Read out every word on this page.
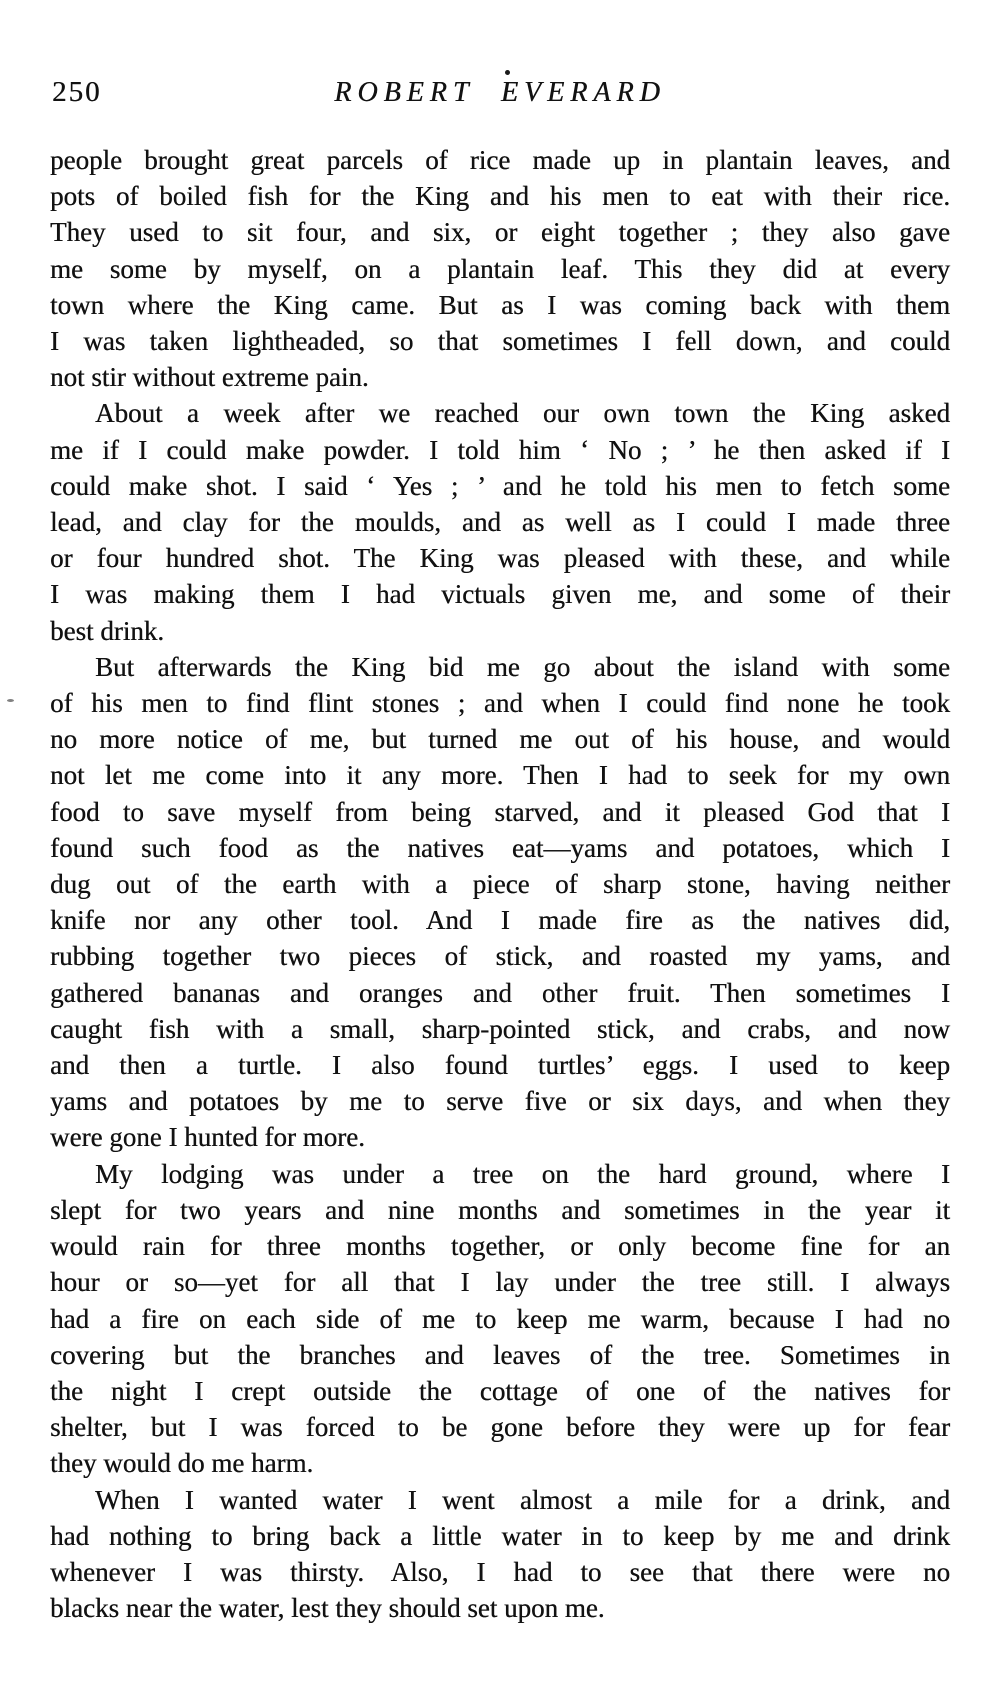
250	ROBERT EVERARD
people brought great parcels of rice made up in plantain leaves, and
pots of boiled fish for the King and his men to eat with their rice.
They used to sit four, and six, or eight together ; they also gave
me some by myself, on a plantain leaf. This they did at every
town where the King came. But as I was coming back with them
I was taken lightheaded, so that sometimes I fell down, and could
not stir without extreme pain.
About a week after we reached our own town the King asked
me if I could make powder. I told him ‘ No ; ’ he then asked if I
could make shot. I said ‘ Yes ; ’ and he told his men to fetch some
lead, and clay for the moulds, and as well as I could I made three
or four hundred shot. The King was pleased with these, and while
I was making them I had victuals given me, and some of their
best drink.
But afterwards the King bid me go about the island with some
of his men to find flint stones ; and when I could find none he took
no more notice of me, but turned me out of his house, and would
not let me come into it any more. Then I had to seek for my own
food to save myself from being starved, and it pleased God that I
found such food as the natives eat—yams and potatoes, which I
dug out of the earth with a piece of sharp stone, having neither
knife nor any other tool. And I made fire as the natives did,
rubbing together two pieces of stick, and roasted my yams, and
gathered bananas and oranges and other fruit. Then sometimes I
caught fish with a small, sharp-pointed stick, and crabs, and now
and then a turtle. I also found turtles’ eggs. I used to keep
yams and potatoes by me to serve five or six days, and when they
were gone I hunted for more.
My lodging was under a tree on the hard ground, where I
slept for two years and nine months and sometimes in the year it
would rain for three months together, or only become fine for an
hour or so—yet for all that I lay under the tree still. I always
had a fire on each side of me to keep me warm, because I had no
covering but the branches and leaves of the tree. Sometimes in
the night I crept outside the cottage of one of the natives for
shelter, but I was forced to be gone before they were up for fear
they would do me harm.
When I wanted water I went almost a mile for a drink, and
had nothing to bring back a little water in to keep by me and drink
whenever I was thirsty. Also, I had to see that there were no
blacks near the water, lest they should set upon me.
